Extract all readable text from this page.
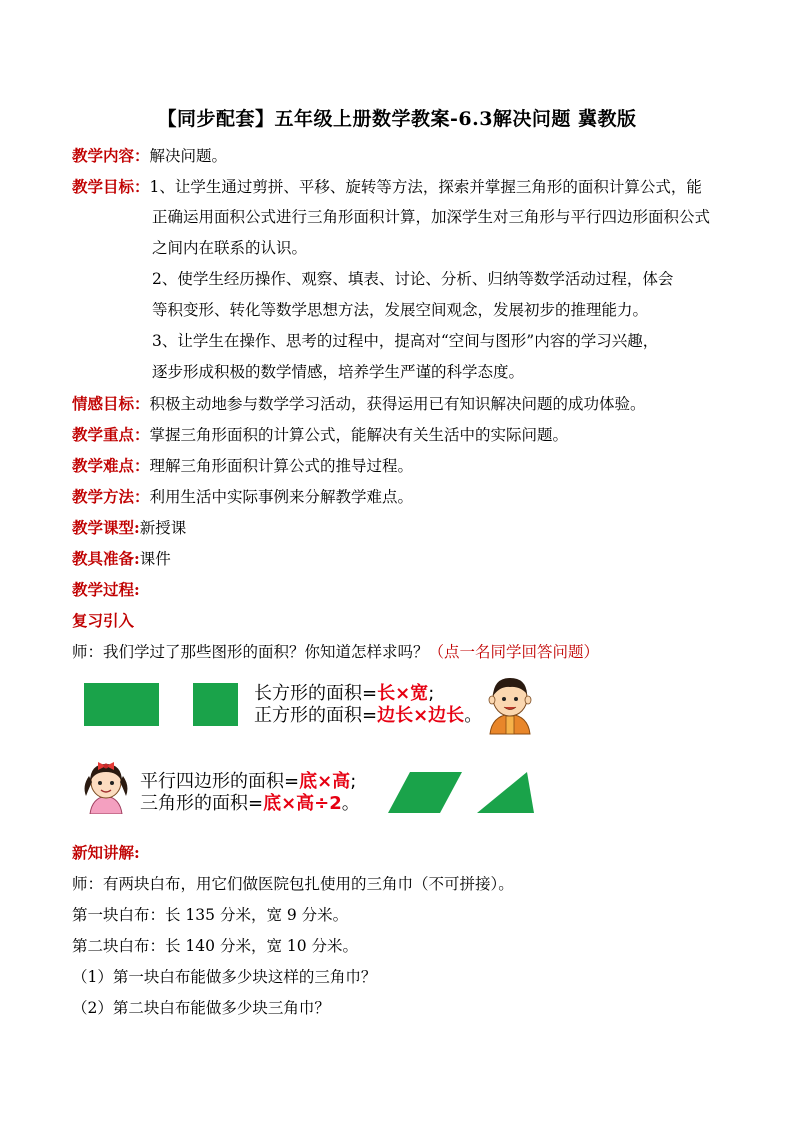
【同步配套】五年级上册数学教案-6.3解决问题 冀教版
教学内容：解决问题。
教学目标：1、让学生通过剪拼、平移、旋转等方法，探索并掌握三角形的面积计算公式，能
正确运用面积公式进行三角形面积计算，加深学生对三角形与平行四边形面积公式
之间内在联系的认识。
2、使学生经历操作、观察、填表、讨论、分析、归纳等数学活动过程，体会
等积变形、转化等数学思想方法，发展空间观念，发展初步的推理能力。
3、让学生在操作、思考的过程中，提高对“空间与图形”内容的学习兴趣，
逐步形成积极的数学情感，培养学生严谨的科学态度。
情感目标：积极主动地参与数学学习活动，获得运用已有知识解决问题的成功体验。
教学重点：掌握三角形面积的计算公式，能解决有关生活中的实际问题。
教学难点：理解三角形面积计算公式的推导过程。
教学方法：利用生活中实际事例来分解教学难点。
教学课型:新授课
教具准备:课件
教学过程:
复习引入
师：我们学过了那些图形的面积？你知道怎样求吗？（点一名同学回答问题）
长方形的面积=长×宽;
正方形的面积=边长×边长。
平行四边形的面积=底×高;
三角形的面积=底×高÷2。
新知讲解:
师：有两块白布，用它们做医院包扎使用的三角巾（不可拼接）。
第一块白布：长 135 分米，宽 9 分米。
第二块白布：长 140 分米，宽 10 分米。
（1）第一块白布能做多少块这样的三角巾？
（2）第二块白布能做多少块三角巾？
